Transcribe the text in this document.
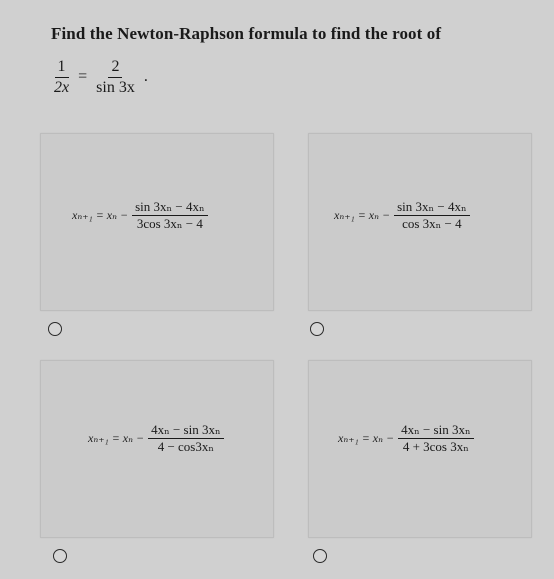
Find the Newton-Raphson formula to find the root of
$\frac{1}{2x} = \frac{2}{\sin 3x}$ .
$x_{n+1} = x_n - \frac{\text{sin 3xₙ − 4xₙ}}{\text{3cos 3xₙ − 4}}$	$x_{n+1} = x_n - \frac{\text{sin 3xₙ − 4xₙ}}{\text{cos 3xₙ − 4}}$
$x_{n+1} = x_n - \frac{\text{4xₙ − sin 3xₙ}}{\text{4 − cos3xₙ}}$	$x_{n+1} = x_n - \frac{\text{4xₙ − sin 3xₙ}}{\text{4 + 3cos 3xₙ}}$
